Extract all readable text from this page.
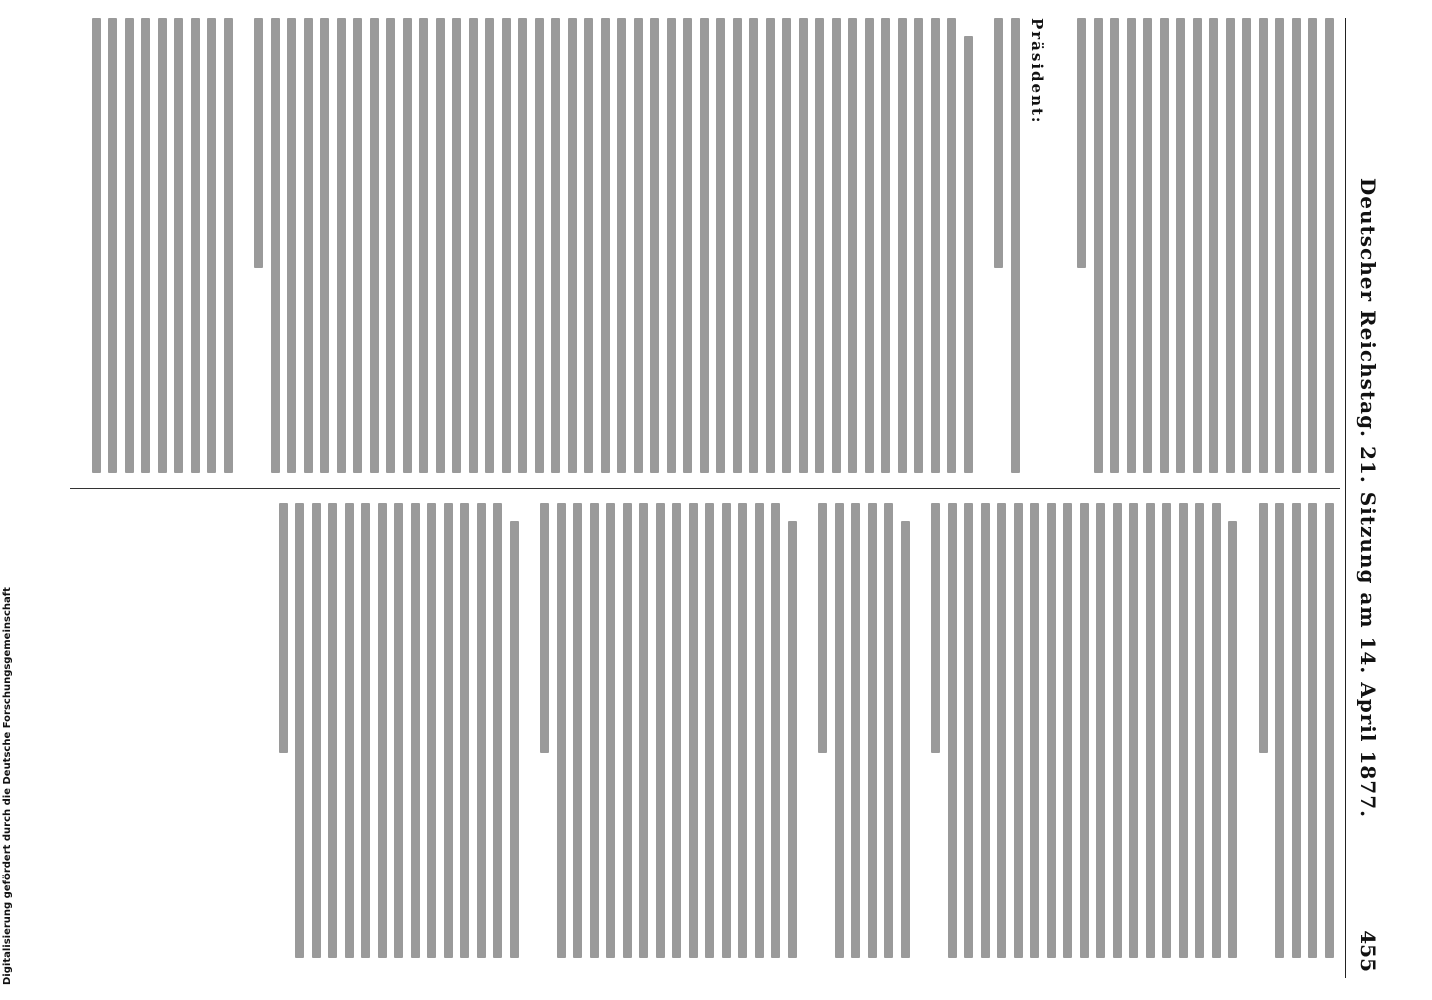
Digitalisierung gefördert durch die Deutsche Forschungsgemeinschaft	Deutscher Reichstag. 21. Sitzung am 14. April 1877.
455
Präsident:
